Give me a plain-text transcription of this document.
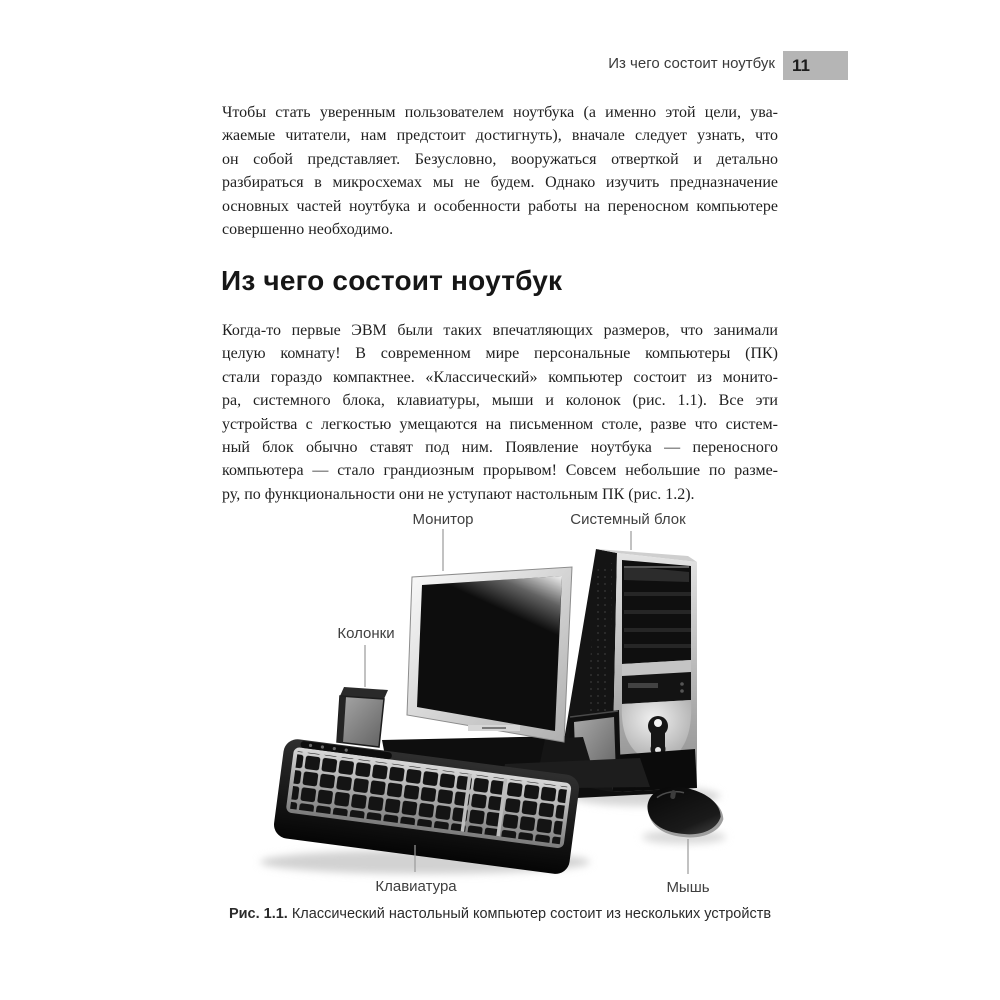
Из чего состоит ноутбук	11
Чтобы стать уверенным пользователем ноутбука (а именно этой цели, ува-
жаемые читатели, нам предстоит достигнуть), вначале следует узнать, что
он собой представляет. Безусловно, вооружаться отверткой и детально
разбираться в микросхемах мы не будем. Однако изучить предназначение
основных частей ноутбука и особенности работы на переносном компьютере
совершенно необходимо.
Из чего состоит ноутбук
Когда-то первые ЭВМ были таких впечатляющих размеров, что занимали
целую комнату! В современном мире персональные компьютеры (ПК)
стали гораздо компактнее. «Классический» компьютер состоит из монито-
ра, системного блока, клавиатуры, мыши и колонок (рис. 1.1). Все эти
устройства с легкостью умещаются на письменном столе, разве что систем-
ный блок обычно ставят под ним. Появление ноутбука — переносного
компьютера — стало грандиозным прорывом! Совсем небольшие по разме-
ру, по функциональности они не уступают настольным ПК (рис. 1.2).
Монитор	Системный блок
Колонки
Клавиатура	Мышь
Рис. 1.1. Классический настольный компьютер состоит из нескольких устройств
